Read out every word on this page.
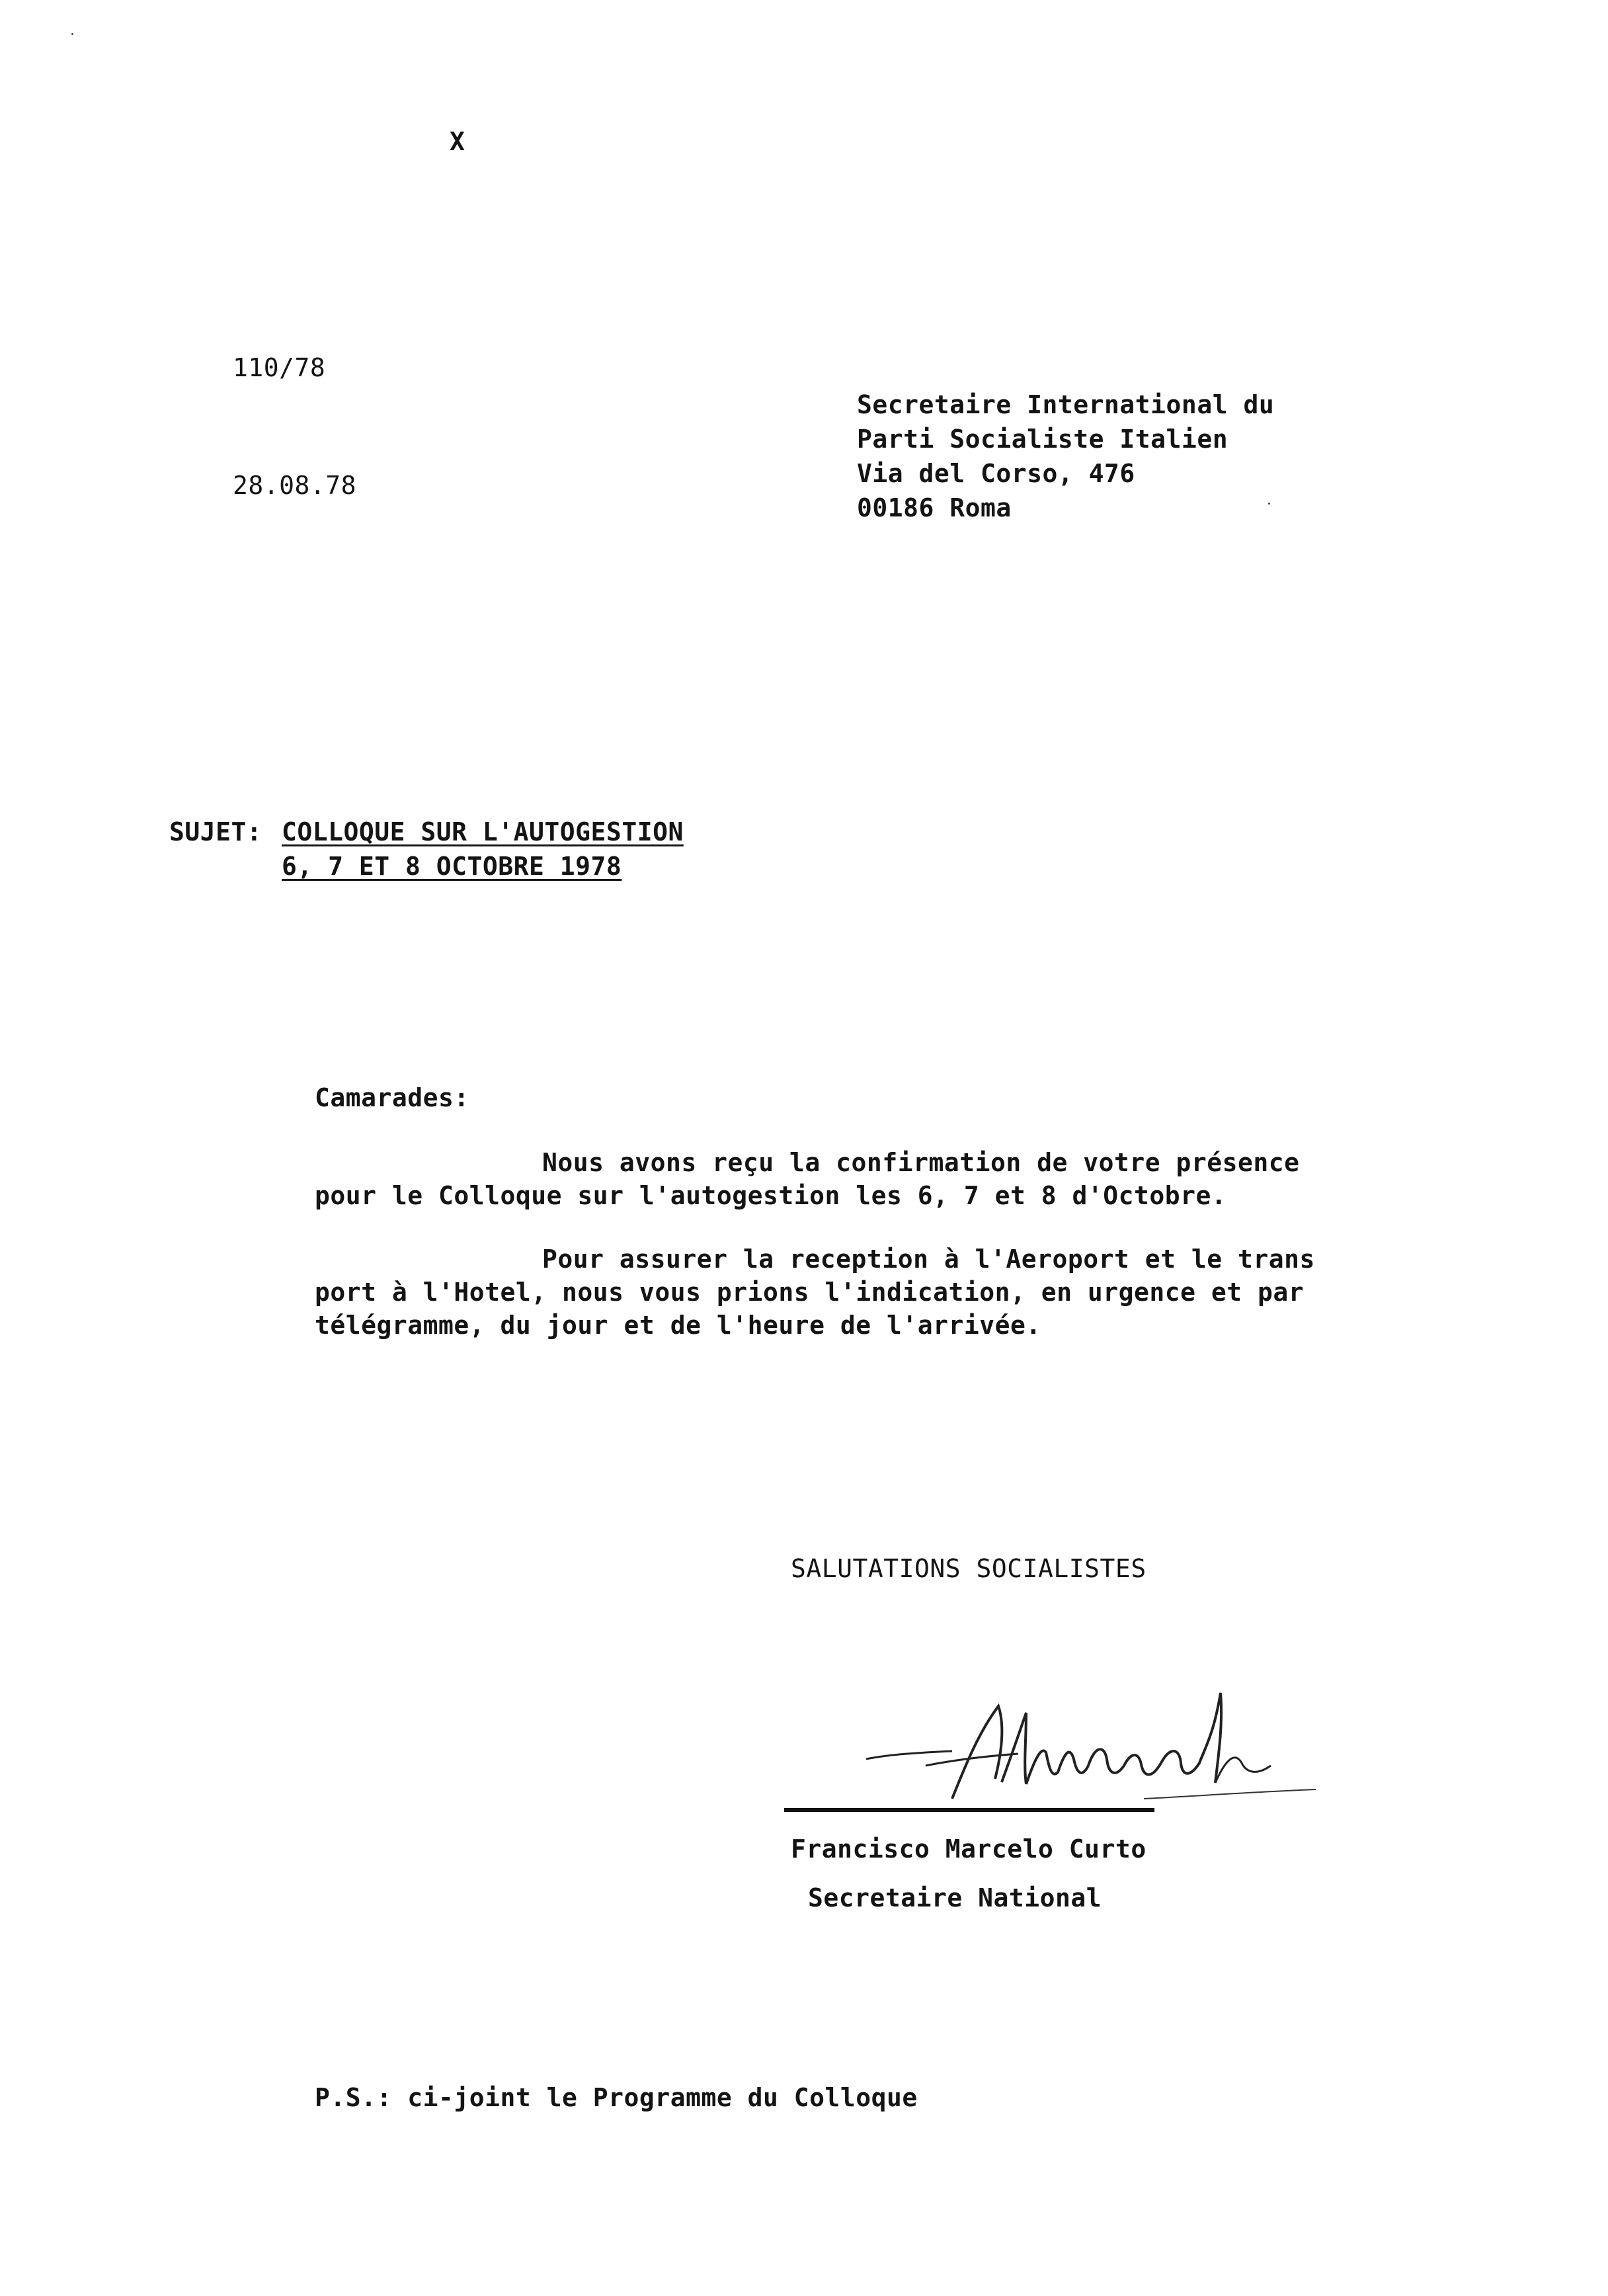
X
110/78
28.08.78
Secretaire International du
Parti Socialiste Italien
Via del Corso, 476
00186 Roma
SUJET: COLLOQUE SUR L'AUTOGESTION
6, 7 ET 8 OCTOBRE 1978
Camarades:
Nous avons reçu la confirmation de votre présence
pour le Colloque sur l'autogestion les 6, 7 et 8 d'Octobre.
Pour assurer la reception à l'Aeroport et le trans
port à l'Hotel, nous vous prions l'indication, en urgence et par
télégramme, du jour et de l'heure de l'arrivée.
SALUTATIONS SOCIALISTES
Francisco Marcelo Curto
Secretaire National
P.S.: ci-joint le Programme du Colloque
